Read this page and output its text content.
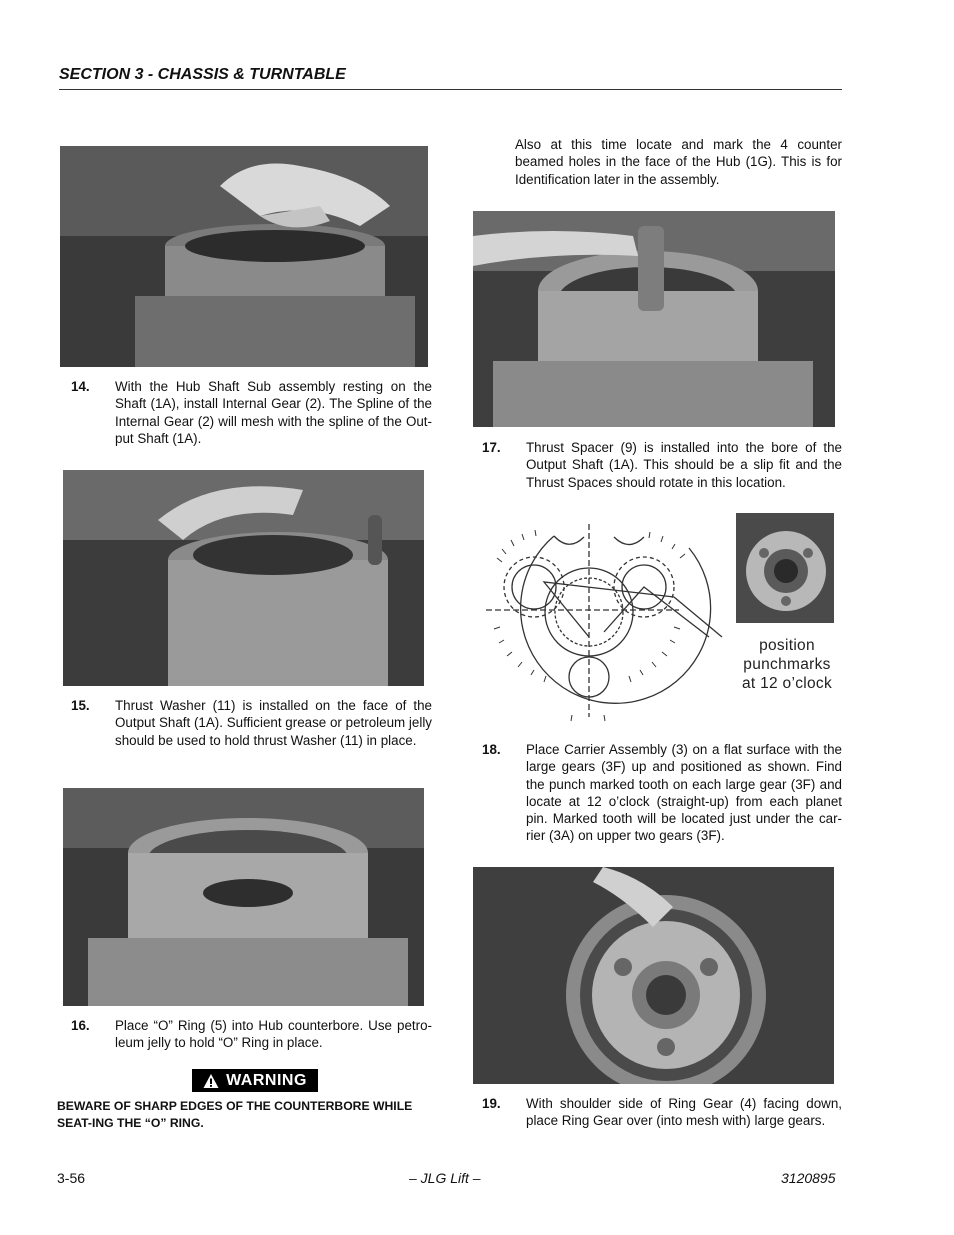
SECTION 3 - CHASSIS & TURNTABLE
14. With the Hub Shaft Sub assembly resting on the Shaft (1A), install Internal Gear (2). The Spline of the Internal Gear (2) will mesh with the spline of the Out-put Shaft (1A).
15. Thrust Washer (11) is installed on the face of the Output Shaft (1A). Sufficient grease or petroleum jelly should be used to hold thrust Washer (11) in place.
16. Place “O” Ring (5) into Hub counterbore. Use petro-leum jelly to hold “O” Ring in place.
WARNING
BEWARE OF SHARP EDGES OF THE COUNTERBORE WHILE SEAT-ING THE “O” RING.
Also at this time locate and mark the 4 counter beamed holes in the face of the Hub (1G). This is for Identification later in the assembly.
17. Thrust Spacer (9) is installed into the bore of the Output Shaft (1A). This should be a slip fit and the Thrust Spaces should rotate in this location.
position
punchmarks
at 12 o’clock
18. Place Carrier Assembly (3) on a flat surface with the large gears (3F) up and positioned as shown. Find the punch marked tooth on each large gear (3F) and locate at 12 o’clock (straight-up) from each planet pin. Marked tooth will be located just under the car-rier (3A) on upper two gears (3F).
19. With shoulder side of Ring Gear (4) facing down, place Ring Gear over (into mesh with) large gears.
3-56	– JLG Lift –	3120895
